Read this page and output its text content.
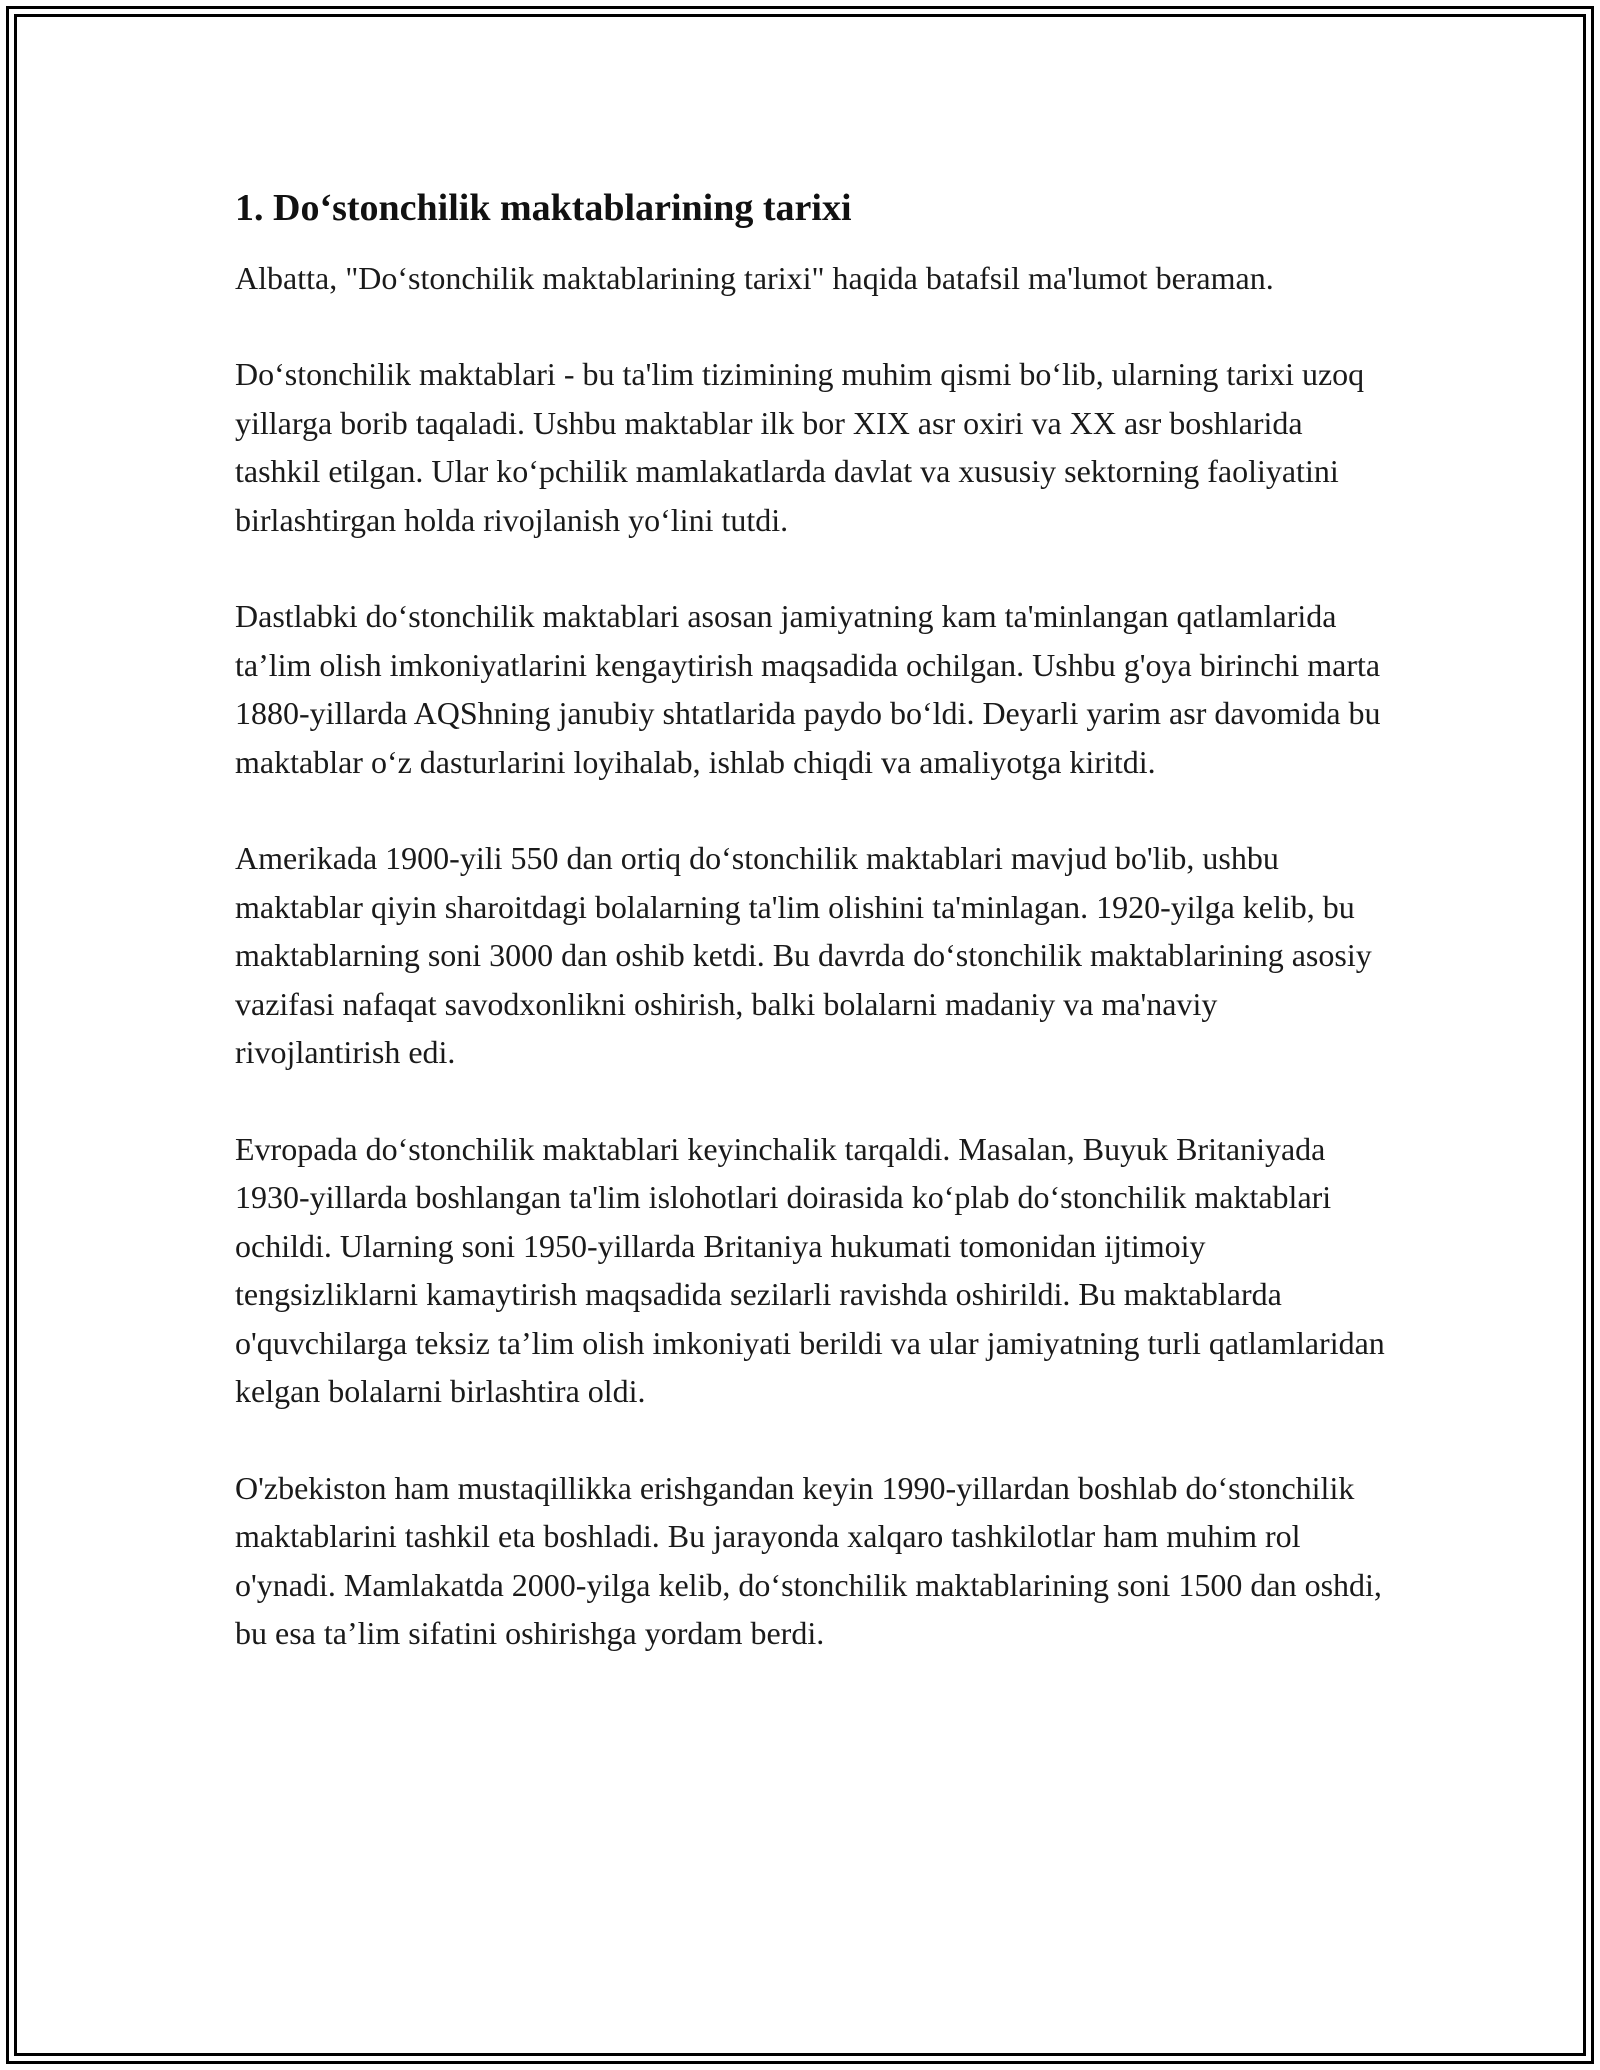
1. Do‘stonchilik maktablarining tarixi

Albatta, "Do‘stonchilik maktablarining tarixi" haqida batafsil ma'lumot beraman.

Do‘stonchilik maktablari - bu ta'lim tizimining muhim qismi bo‘lib, ularning tarixi uzoq yillarga borib taqaladi. Ushbu maktablar ilk bor XIX asr oxiri va XX asr boshlarida tashkil etilgan. Ular ko‘pchilik mamlakatlarda davlat va xususiy sektorning faoliyatini birlashtirgan holda rivojlanish yo‘lini tutdi.

Dastlabki do‘stonchilik maktablari asosan jamiyatning kam ta'minlangan qatlamlarida ta’lim olish imkoniyatlarini kengaytirish maqsadida ochilgan. Ushbu g'oya birinchi marta 1880-yillarda AQShning janubiy shtatlarida paydo bo‘ldi. Deyarli yarim asr davomida bu maktablar o‘z dasturlarini loyihalab, ishlab chiqdi va amaliyotga kiritdi.

Amerikada 1900-yili 550 dan ortiq do‘stonchilik maktablari mavjud bo'lib, ushbu maktablar qiyin sharoitdagi bolalarning ta'lim olishini ta'minlagan. 1920-yilga kelib, bu maktablarning soni 3000 dan oshib ketdi. Bu davrda do‘stonchilik maktablarining asosiy vazifasi nafaqat savodxonlikni oshirish, balki bolalarni madaniy va ma'naviy rivojlantirish edi.

Evropada do‘stonchilik maktablari keyinchalik tarqaldi. Masalan, Buyuk Britaniyada 1930-yillarda boshlangan ta'lim islohotlari doirasida ko‘plab do‘stonchilik maktablari ochildi. Ularning soni 1950-yillarda Britaniya hukumati tomonidan ijtimoiy tengsizliklarni kamaytirish maqsadida sezilarli ravishda oshirildi. Bu maktablarda o'quvchilarga teksiz ta’lim olish imkoniyati berildi va ular jamiyatning turli qatlamlaridan kelgan bolalarni birlashtira oldi.

O'zbekiston ham mustaqillikka erishgandan keyin 1990-yillardan boshlab do‘stonchilik maktablarini tashkil eta boshladi. Bu jarayonda xalqaro tashkilotlar ham muhim rol o'ynadi. Mamlakatda 2000-yilga kelib, do‘stonchilik maktablarining soni 1500 dan oshdi, bu esa ta’lim sifatini oshirishga yordam berdi.
